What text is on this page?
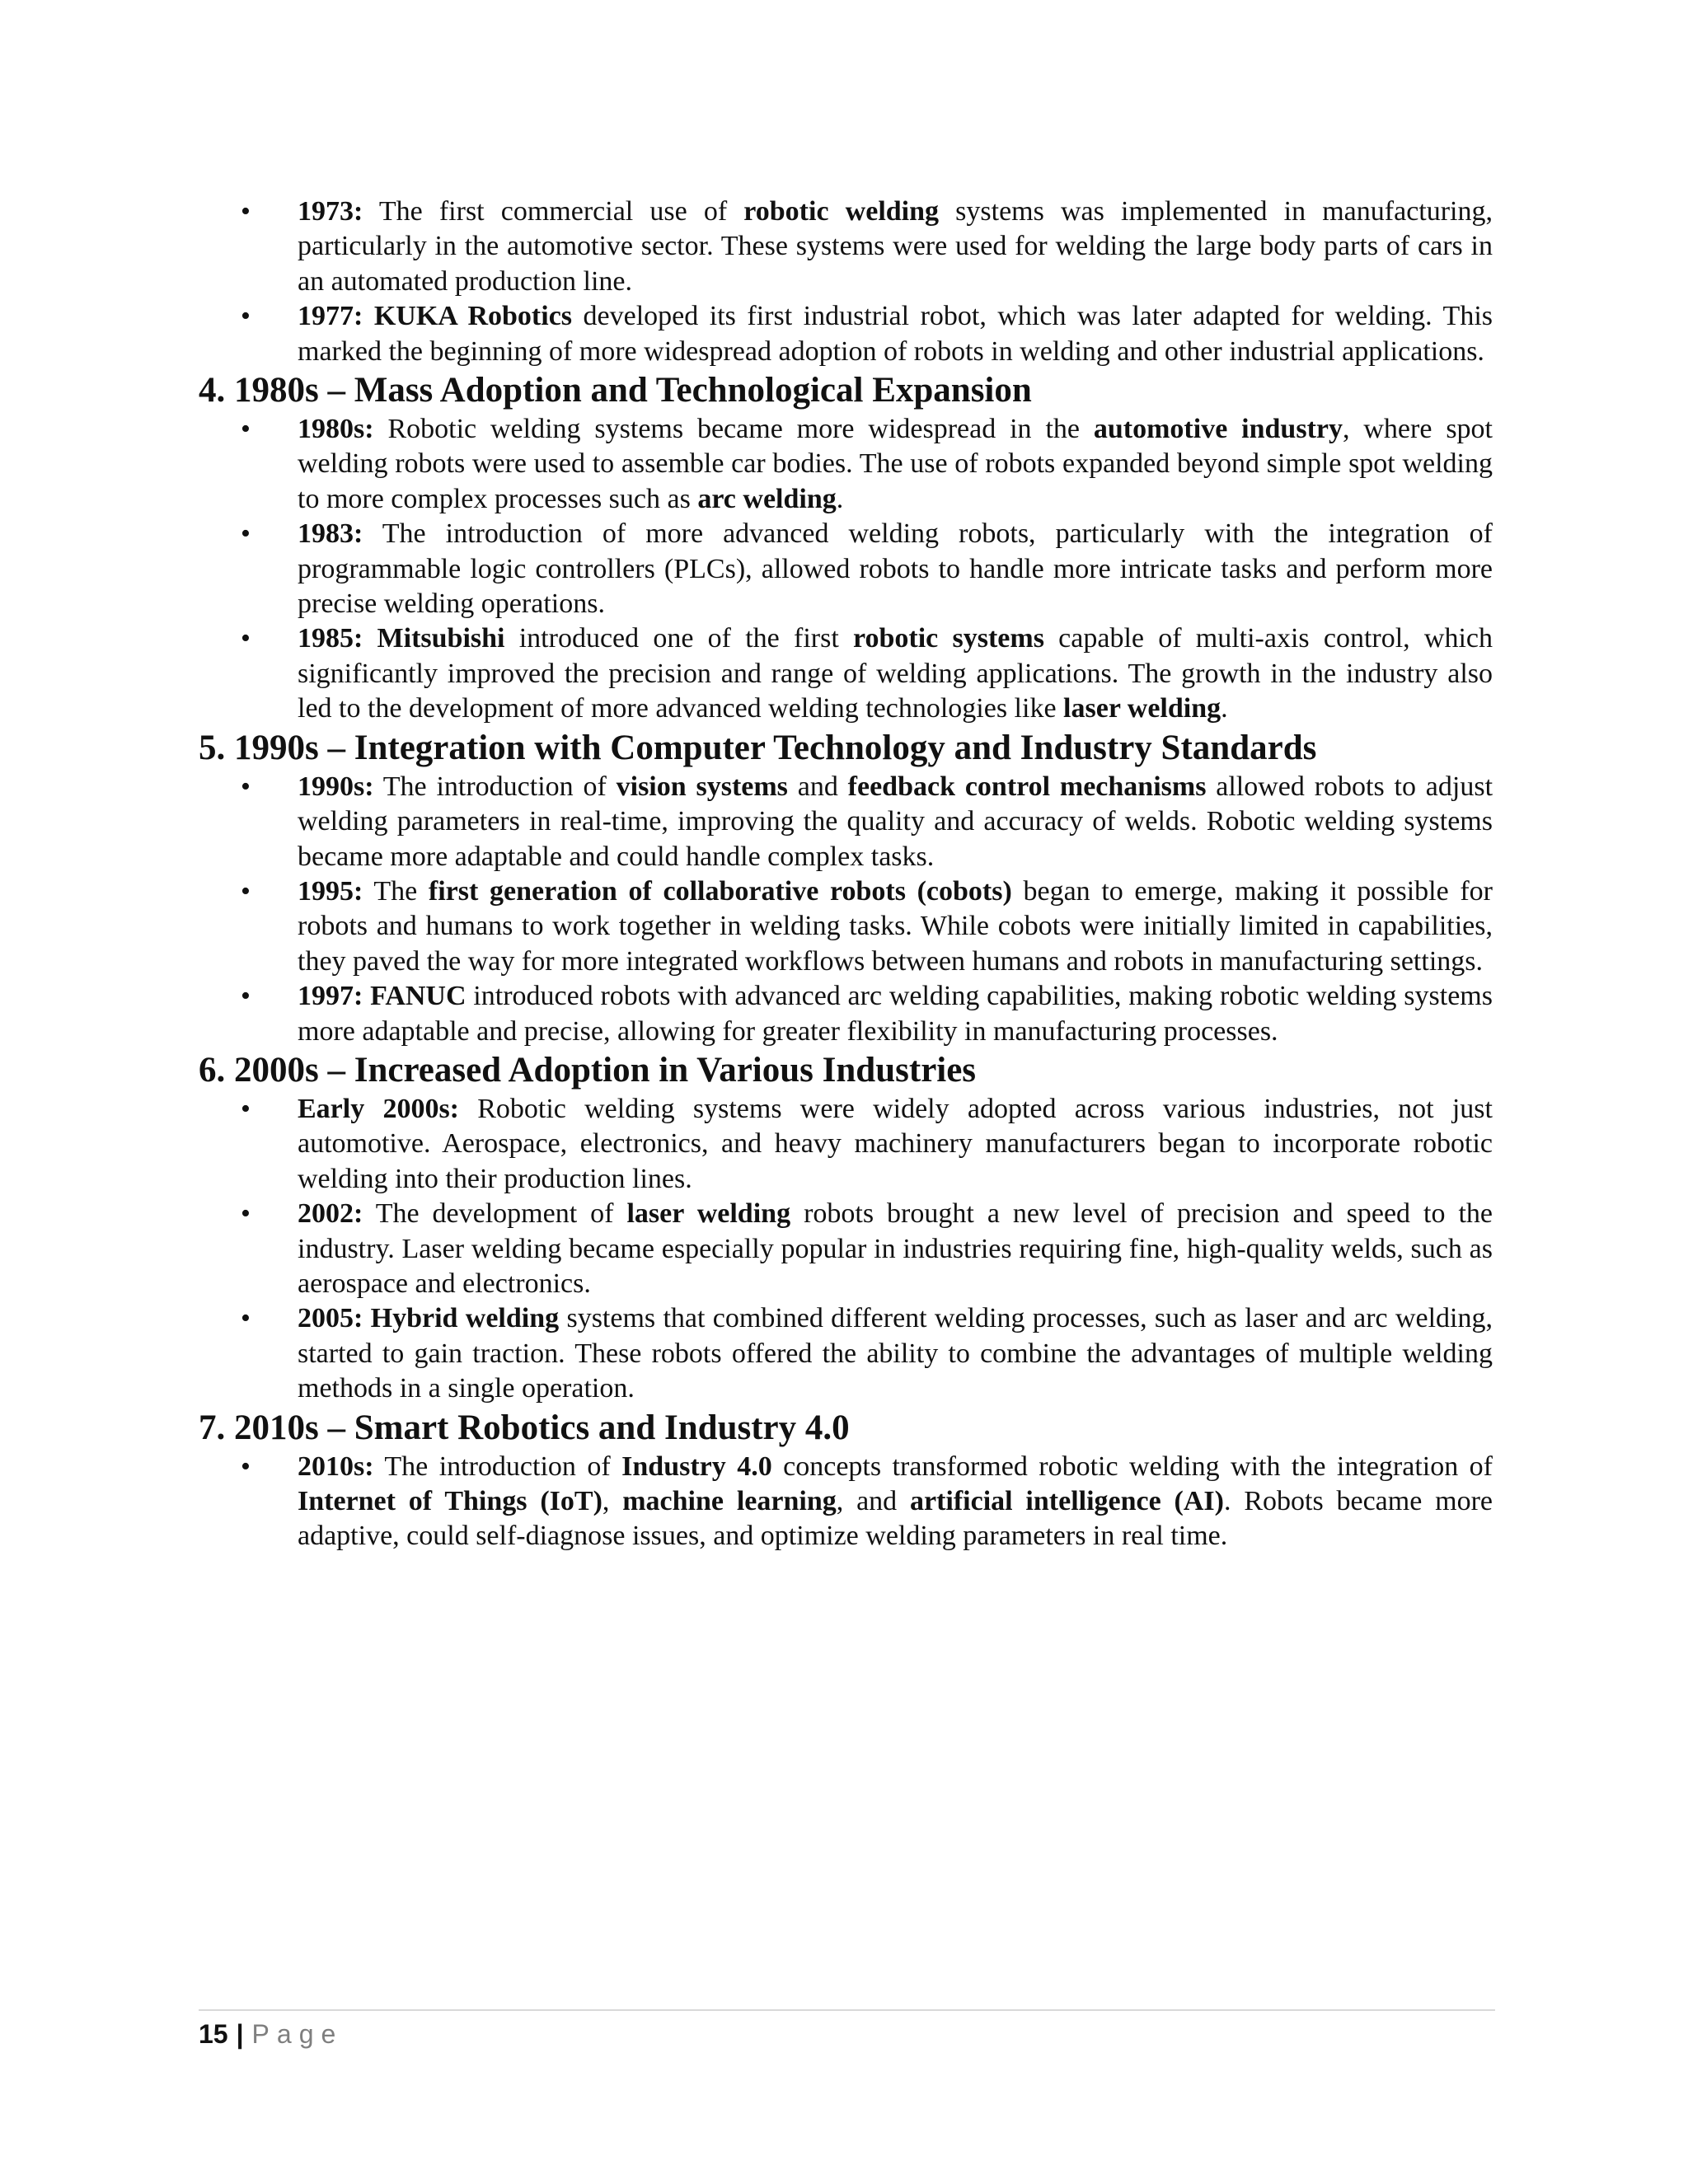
• 1973: The first commercial use of robotic welding systems was implemented in manufacturing, particularly in the automotive sector. These systems were used for welding the large body parts of cars in an automated production line.
• 1977: KUKA Robotics developed its first industrial robot, which was later adapted for welding. This marked the beginning of more widespread adoption of robots in welding and other industrial applications.
4. 1980s – Mass Adoption and Technological Expansion
• 1980s: Robotic welding systems became more widespread in the automotive industry, where spot welding robots were used to assemble car bodies. The use of robots expanded beyond simple spot welding to more complex processes such as arc welding.
• 1983: The introduction of more advanced welding robots, particularly with the integration of programmable logic controllers (PLCs), allowed robots to handle more intricate tasks and perform more precise welding operations.
• 1985: Mitsubishi introduced one of the first robotic systems capable of multi-axis control, which significantly improved the precision and range of welding applications. The growth in the industry also led to the development of more advanced welding technologies like laser welding.
5. 1990s – Integration with Computer Technology and Industry Standards
• 1990s: The introduction of vision systems and feedback control mechanisms allowed robots to adjust welding parameters in real-time, improving the quality and accuracy of welds. Robotic welding systems became more adaptable and could handle complex tasks.
• 1995: The first generation of collaborative robots (cobots) began to emerge, making it possible for robots and humans to work together in welding tasks. While cobots were initially limited in capabilities, they paved the way for more integrated workflows between humans and robots in manufacturing settings.
• 1997: FANUC introduced robots with advanced arc welding capabilities, making robotic welding systems more adaptable and precise, allowing for greater flexibility in manufacturing processes.
6. 2000s – Increased Adoption in Various Industries
• Early 2000s: Robotic welding systems were widely adopted across various industries, not just automotive. Aerospace, electronics, and heavy machinery manufacturers began to incorporate robotic welding into their production lines.
• 2002: The development of laser welding robots brought a new level of precision and speed to the industry. Laser welding became especially popular in industries requiring fine, high-quality welds, such as aerospace and electronics.
• 2005: Hybrid welding systems that combined different welding processes, such as laser and arc welding, started to gain traction. These robots offered the ability to combine the advantages of multiple welding methods in a single operation.
7. 2010s – Smart Robotics and Industry 4.0
• 2010s: The introduction of Industry 4.0 concepts transformed robotic welding with the integration of Internet of Things (IoT), machine learning, and artificial intelligence (AI). Robots became more adaptive, could self-diagnose issues, and optimize welding parameters in real time.
15 | Page
